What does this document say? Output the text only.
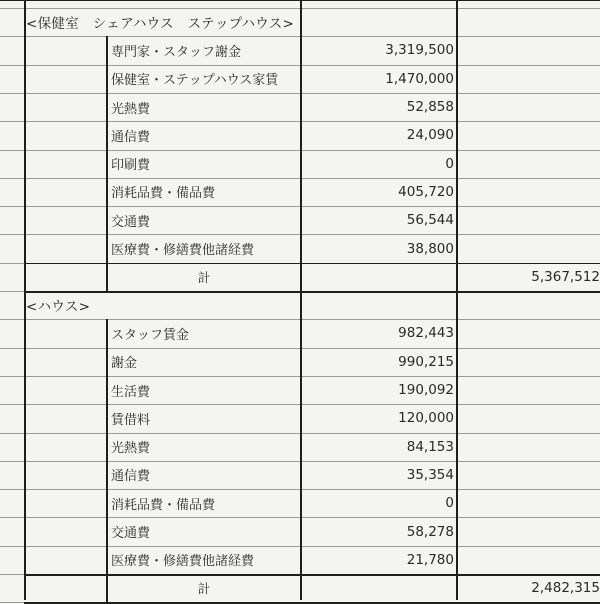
<保健室　シェアハウス　ステップハウス>
専門家・スタッフ謝金	3,319,500
保健室・ステップハウス家賃	1,470,000
光熱費	52,858
通信費	24,090
印刷費	0
消耗品費・備品費	405,720
交通費	56,544
医療費・修繕費他諸経費	38,800
計	5,367,512
<ハウス>
スタッフ賃金	982,443
謝金	990,215
生活費	190,092
賃借料	120,000
光熱費	84,153
通信費	35,354
消耗品費・備品費	0
交通費	58,278
医療費・修繕費他諸経費	21,780
計	2,482,315
